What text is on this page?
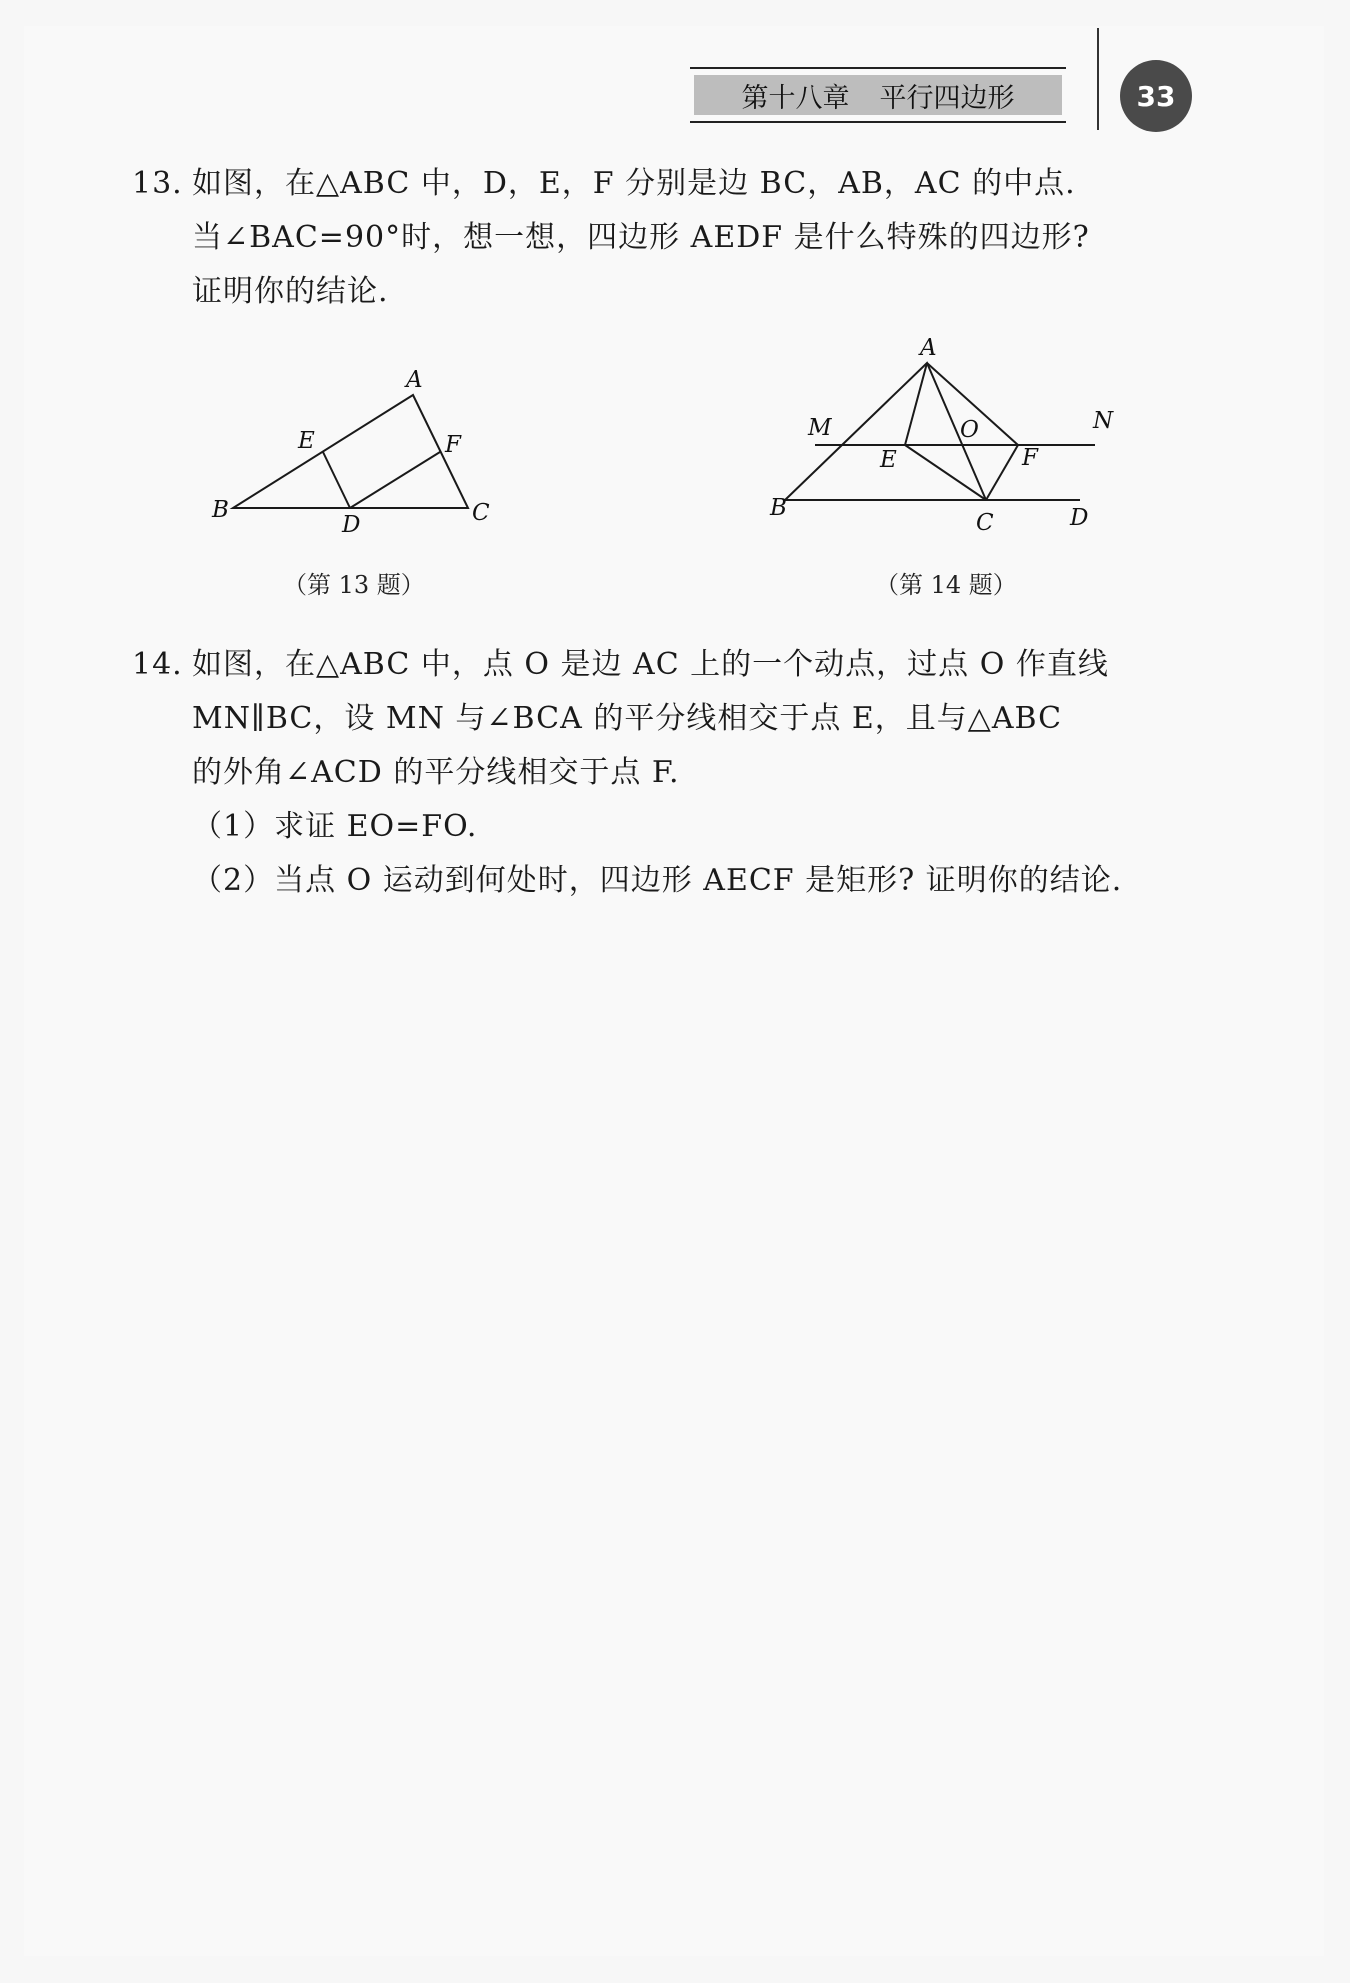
第十八章 平行四边形	33
13. 如图，在△ABC 中，D，E，F 分别是边 BC，AB，AC 的中点.
当∠BAC=90°时，想一想，四边形 AEDF 是什么特殊的四边形?
证明你的结论.
A
E	F
B
D	C
（第 13 题）
A
M	N
O
E	F
B
C	D
（第 14 题）
14. 如图，在△ABC 中，点 O 是边 AC 上的一个动点，过点 O 作直线
MN∥BC，设 MN 与∠BCA 的平分线相交于点 E，且与△ABC
的外角∠ACD 的平分线相交于点 F.
（1）求证 EO=FO.
（2）当点 O 运动到何处时，四边形 AECF 是矩形? 证明你的结论.
